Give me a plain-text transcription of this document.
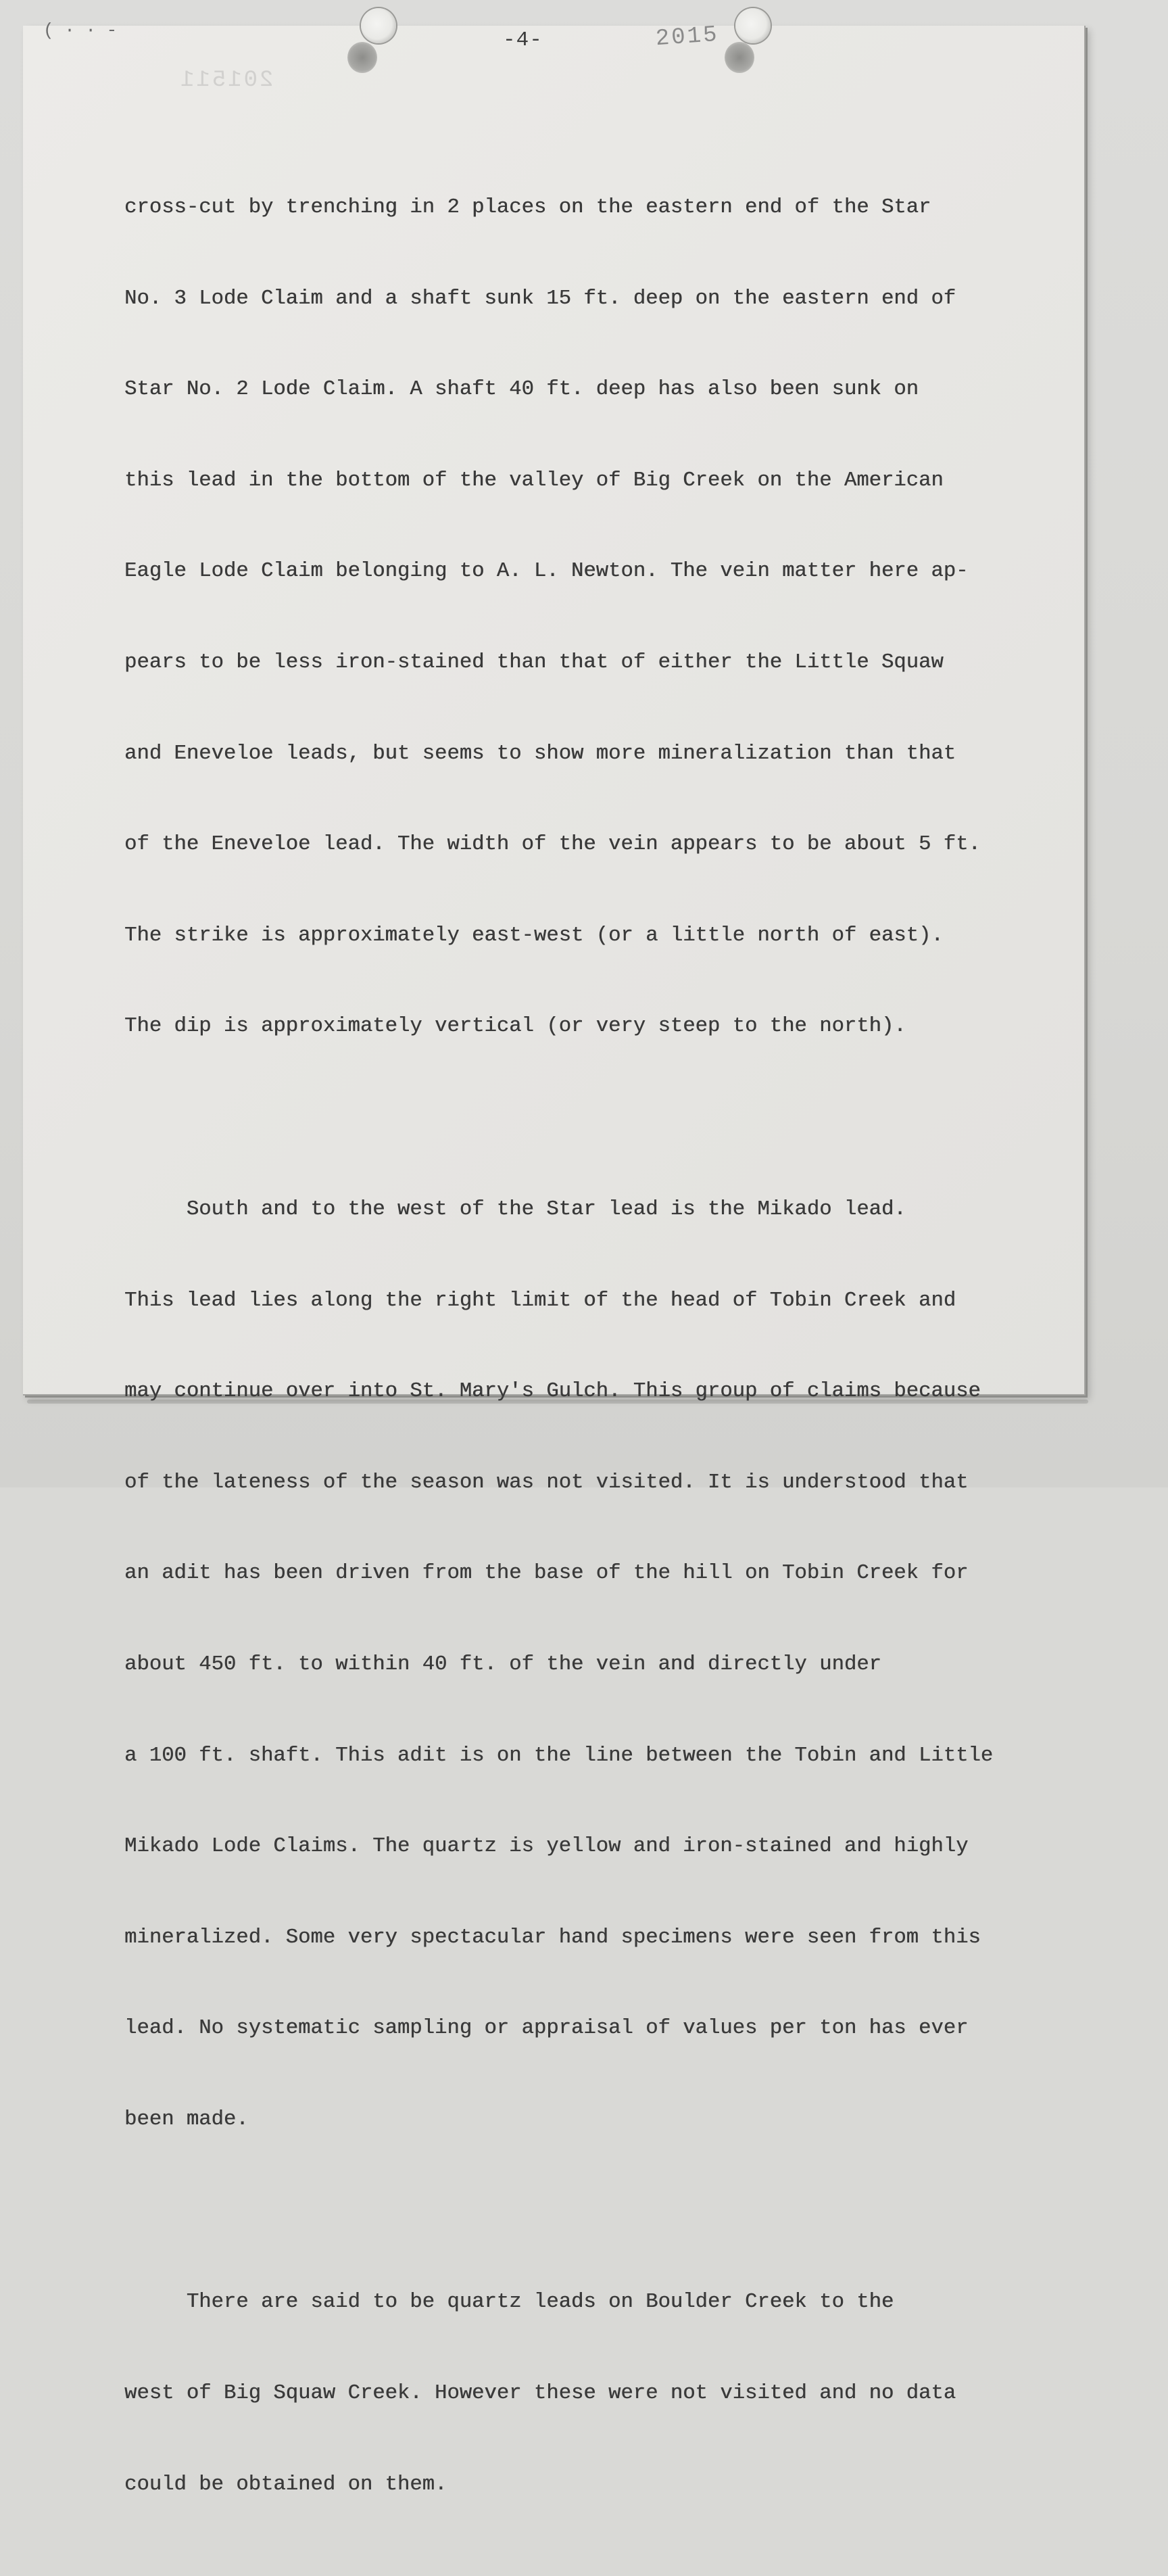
( · · -
201511
-4-	2015

cross-cut by trenching in 2 places on the eastern end of the Star

No. 3 Lode Claim and a shaft sunk 15 ft. deep on the eastern end of

Star No. 2 Lode Claim. A shaft 40 ft. deep has also been sunk on

this lead in the bottom of the valley of Big Creek on the American

Eagle Lode Claim belonging to A. L. Newton. The vein matter here ap-

pears to be less iron-stained than that of either the Little Squaw

and Eneveloe leads, but seems to show more mineralization than that

of the Eneveloe lead. The width of the vein appears to be about 5 ft.

The strike is approximately east-west (or a little north of east).

The dip is approximately vertical (or very steep to the north).

South and to the west of the Star lead is the Mikado lead.

This lead lies along the right limit of the head of Tobin Creek and

may continue over into St. Mary's Gulch. This group of claims because

of the lateness of the season was not visited. It is understood that

an adit has been driven from the base of the hill on Tobin Creek for

about 450 ft. to within 40 ft. of the vein and directly under

a 100 ft. shaft. This adit is on the line between the Tobin and Little

Mikado Lode Claims. The quartz is yellow and iron-stained and highly

mineralized. Some very spectacular hand specimens were seen from this

lead. No systematic sampling or appraisal of values per ton has ever

been made.

There are said to be quartz leads on Boulder Creek to the

west of Big Squaw Creek. However these were not visited and no data

could be obtained on them.
